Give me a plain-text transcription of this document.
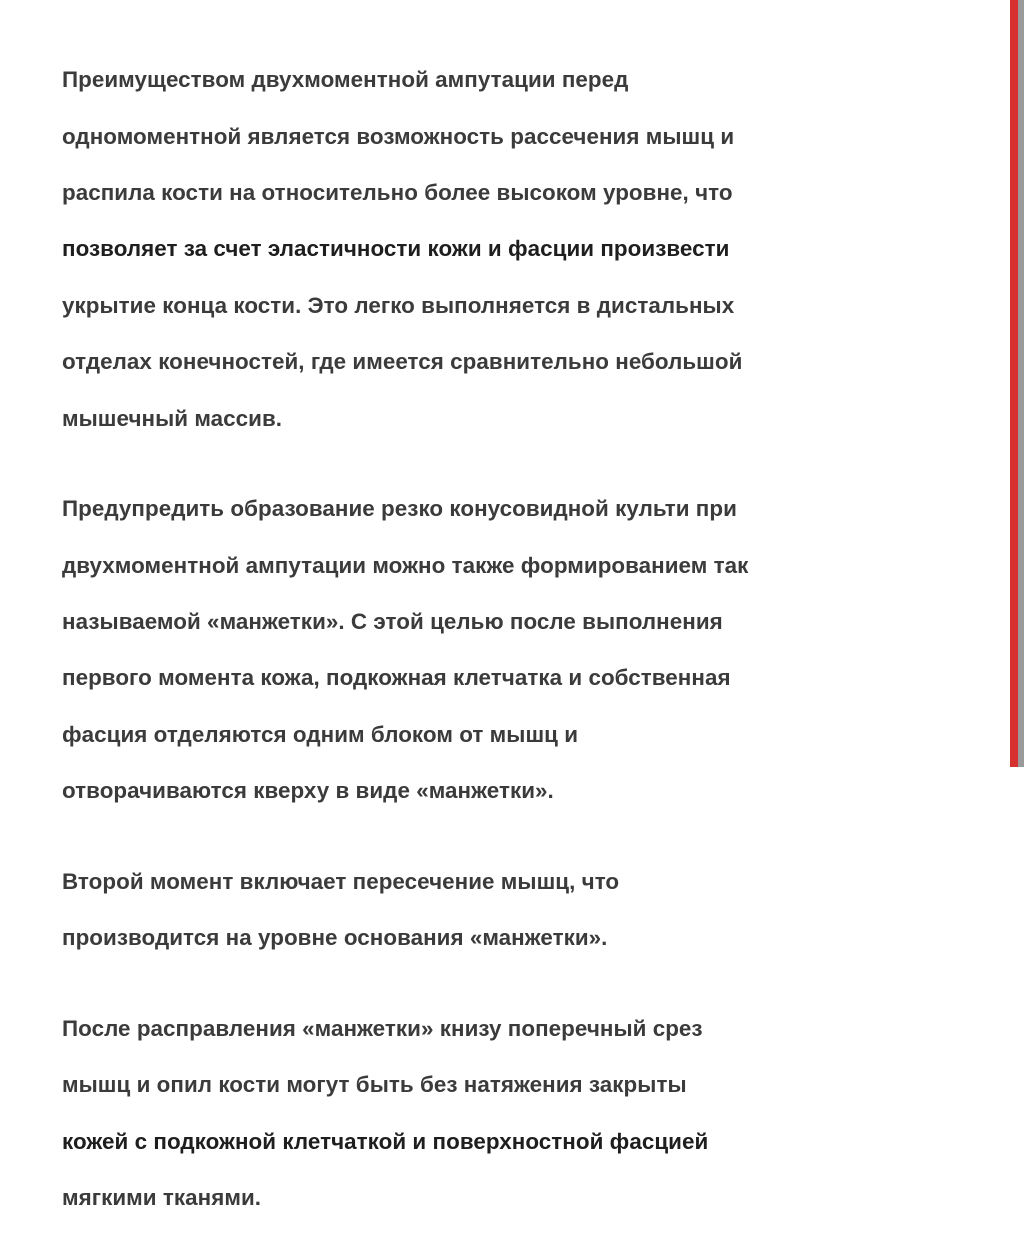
Преимуществом двухмоментной ампутации перед

одномоментной является возможность рассечения мышц и

распила кости на относительно более высоком уровне, что

позволяет за счет эластичности кожи и фасции произвести

укрытие конца кости. Это легко выполняется в дистальных

отделах конечностей, где имеется сравнительно небольшой

мышечный массив.

Предупредить образование резко конусовидной культи при

двухмоментной ампутации можно также формированием так

называемой «манжетки». С этой целью после выполнения

первого момента кожа, подкожная клетчатка и собственная

фасция отделяются одним блоком от мышц и

отворачиваются кверху в виде «манжетки».

Второй момент включает пересечение мышц, что

производится на уровне основания «манжетки».

После расправления «манжетки» книзу поперечный срез

мышц и опил кости могут быть без натяжения закрыты

кожей с подкожной клетчаткой и поверхностной фасцией

мягкими тканями.
